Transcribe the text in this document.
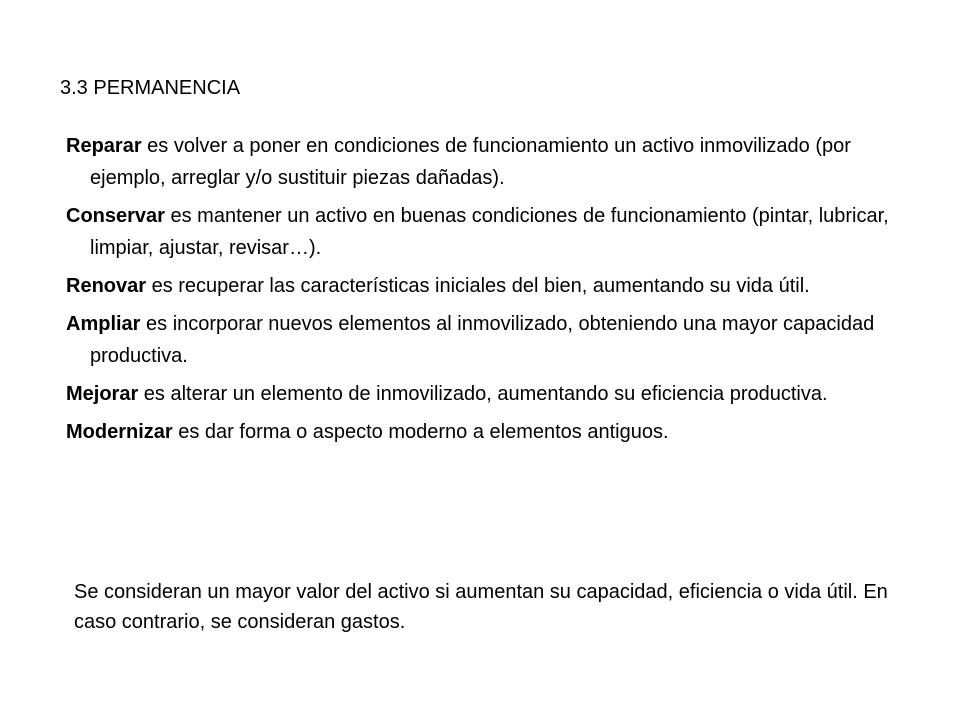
3.3 PERMANENCIA
Reparar es volver a poner en condiciones de funcionamiento un activo inmovilizado (por ejemplo, arreglar y/o sustituir piezas dañadas).
Conservar es mantener un activo en buenas condiciones de funcionamiento (pintar, lubricar, limpiar, ajustar, revisar…).
Renovar es recuperar las características iniciales del bien, aumentando su vida útil.
Ampliar es incorporar nuevos elementos al inmovilizado, obteniendo una mayor capacidad productiva.
Mejorar es alterar un elemento de inmovilizado, aumentando su eficiencia productiva.
Modernizar es dar forma o aspecto moderno a elementos antiguos.
Se consideran un mayor valor del activo si aumentan su capacidad, eficiencia o vida útil. En caso contrario, se consideran gastos.
